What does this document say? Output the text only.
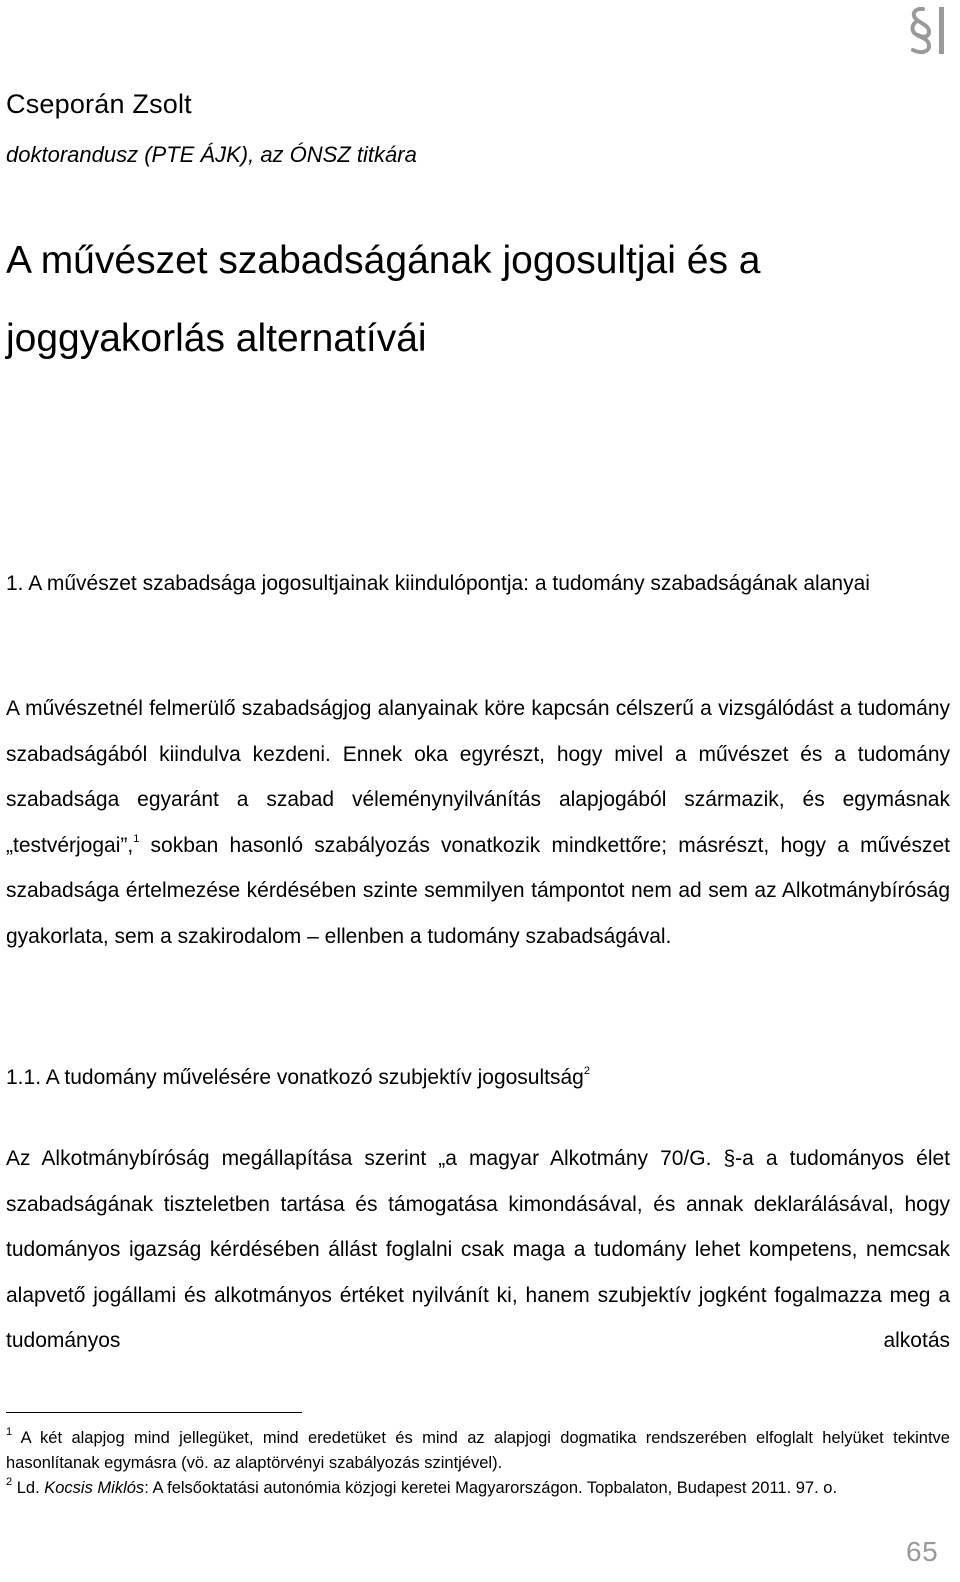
Cseporán Zsolt
doktorandusz (PTE ÁJK), az ÓNSZ titkára
A művészet szabadságának jogosultjai és a joggyakorlás alternatívái
1. A művészet szabadsága jogosultjainak kiindulópontja: a tudomány szabadságának alanyai

A művészetnél felmerülő szabadságjog alanyainak köre kapcsán célszerű a vizsgálódást a tudomány szabadságából kiindulva kezdeni. Ennek oka egyrészt, hogy mivel a művészet és a tudomány szabadsága egyaránt a szabad véleménynyilvánítás alapjogából származik, és egymásnak „testvérjogai”,$^1$ sokban hasonló szabályozás vonatkozik mindkettőre; másrészt, hogy a művészet szabadsága értelmezése kérdésében szinte semmilyen támpontot nem ad sem az Alkotmánybíróság gyakorlata, sem a szakirodalom – ellenben a tudomány szabadságával.

1.1. A tudomány művelésére vonatkozó szubjektív jogosultság$^2$

Az Alkotmánybíróság megállapítása szerint „a magyar Alkotmány 70/G. §-a a tudományos élet szabadságának tiszteletben tartása és támogatása kimondásával, és annak deklarálásával, hogy tudományos igazság kérdésében állást foglalni csak maga a tudomány lehet kompetens, nemcsak alapvető jogállami és alkotmányos értéket nyilvánít ki, hanem szubjektív jogként fogalmazza meg a tudományos alkotás

$^1$ A két alapjog mind jellegüket, mind eredetüket és mind az alapjogi dogmatika rendszerében elfoglalt helyüket tekintve hasonlítanak egymásra (vö. az alaptörvényi szabályozás szintjével).

$^2$ Ld. Kocsis Miklós: A felsőoktatási autonómia közjogi keretei Magyarországon. Topbalaton, Budapest 2011. 97. o.

65
